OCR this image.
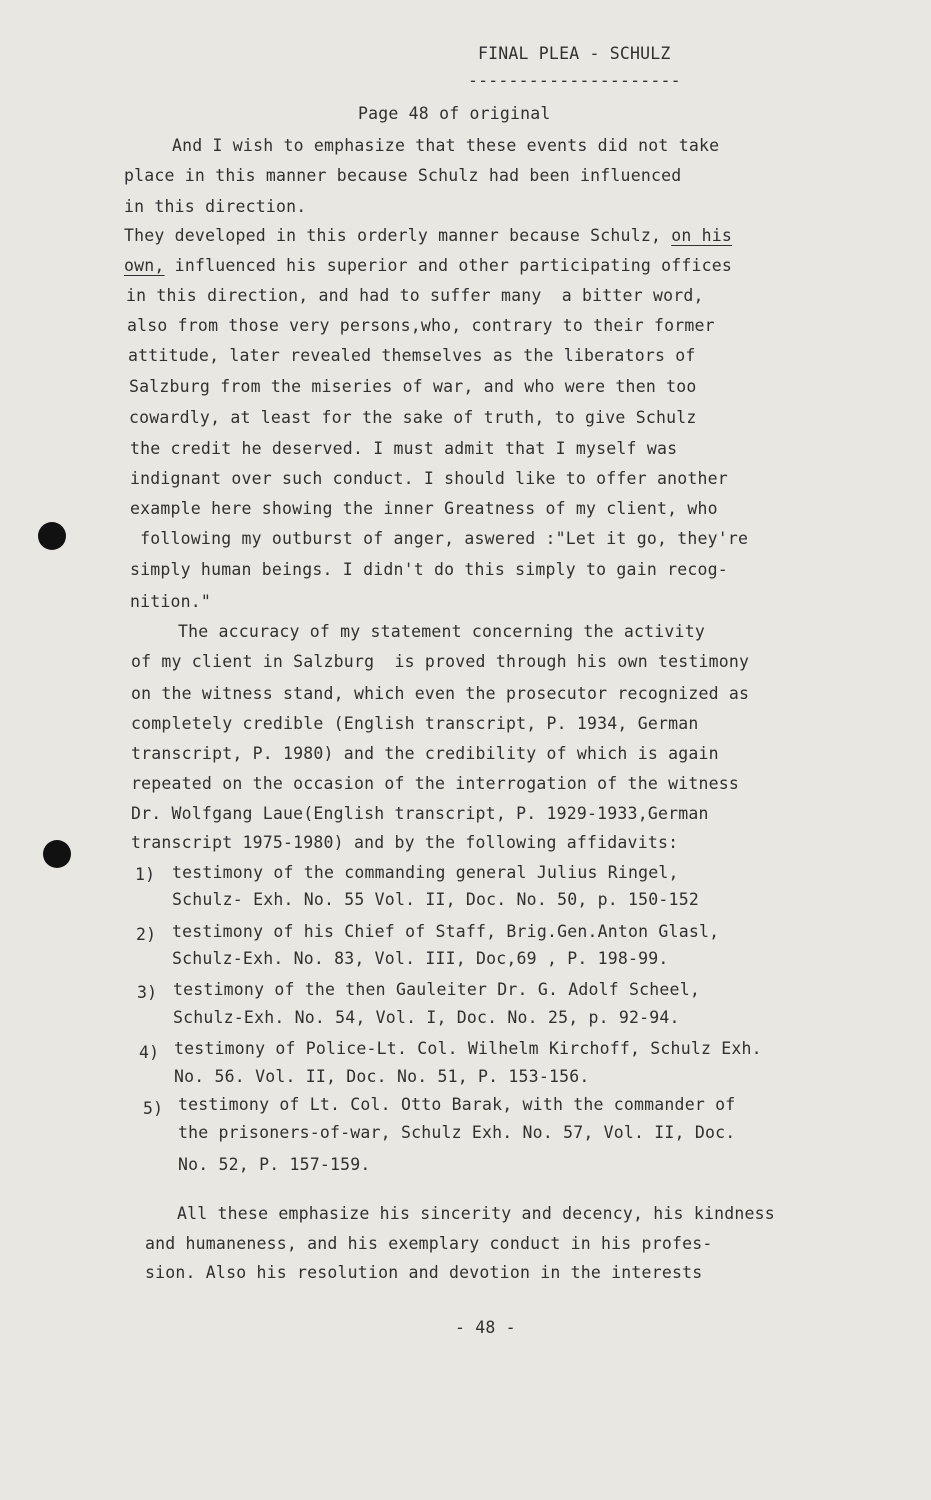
FINAL PLEA - SCHULZ
---------------------
Page 48 of original
And I wish to emphasize that these events did not take
place in this manner because Schulz had been influenced
in this direction.
They developed in this orderly manner because Schulz, on his
own, influenced his superior and other participating offices
in this direction, and had to suffer many  a bitter word,
also from those very persons,who, contrary to their former
attitude, later revealed themselves as the liberators of
Salzburg from the miseries of war, and who were then too
cowardly, at least for the sake of truth, to give Schulz
the credit he deserved. I must admit that I myself was
indignant over such conduct. I should like to offer another
example here showing the inner Greatness of my client, who
following my outburst of anger, aswered :"Let it go, they're
simply human beings. I didn't do this simply to gain recog-
nition."
The accuracy of my statement concerning the activity
of my client in Salzburg  is proved through his own testimony
on the witness stand, which even the prosecutor recognized as
completely credible (English transcript, P. 1934, German
transcript, P. 1980) and the credibility of which is again
repeated on the occasion of the interrogation of the witness
Dr. Wolfgang Laue(English transcript, P. 1929-1933,German
transcript 1975-1980) and by the following affidavits:
1) testimony of the commanding general Julius Ringel,
Schulz- Exh. No. 55 Vol. II, Doc. No. 50, p. 150-152
2) testimony of his Chief of Staff, Brig.Gen.Anton Glasl,
Schulz-Exh. No. 83, Vol. III, Doc,69 , P. 198-99.
3) testimony of the then Gauleiter Dr. G. Adolf Scheel,
Schulz-Exh. No. 54, Vol. I, Doc. No. 25, p. 92-94.
4) testimony of Police-Lt. Col. Wilhelm Kirchoff, Schulz Exh.
No. 56. Vol. II, Doc. No. 51, P. 153-156.
5) testimony of Lt. Col. Otto Barak, with the commander of
the prisoners-of-war, Schulz Exh. No. 57, Vol. II, Doc.
No. 52, P. 157-159.
All these emphasize his sincerity and decency, his kindness
and humaneness, and his exemplary conduct in his profes-
sion. Also his resolution and devotion in the interests
- 48 -
